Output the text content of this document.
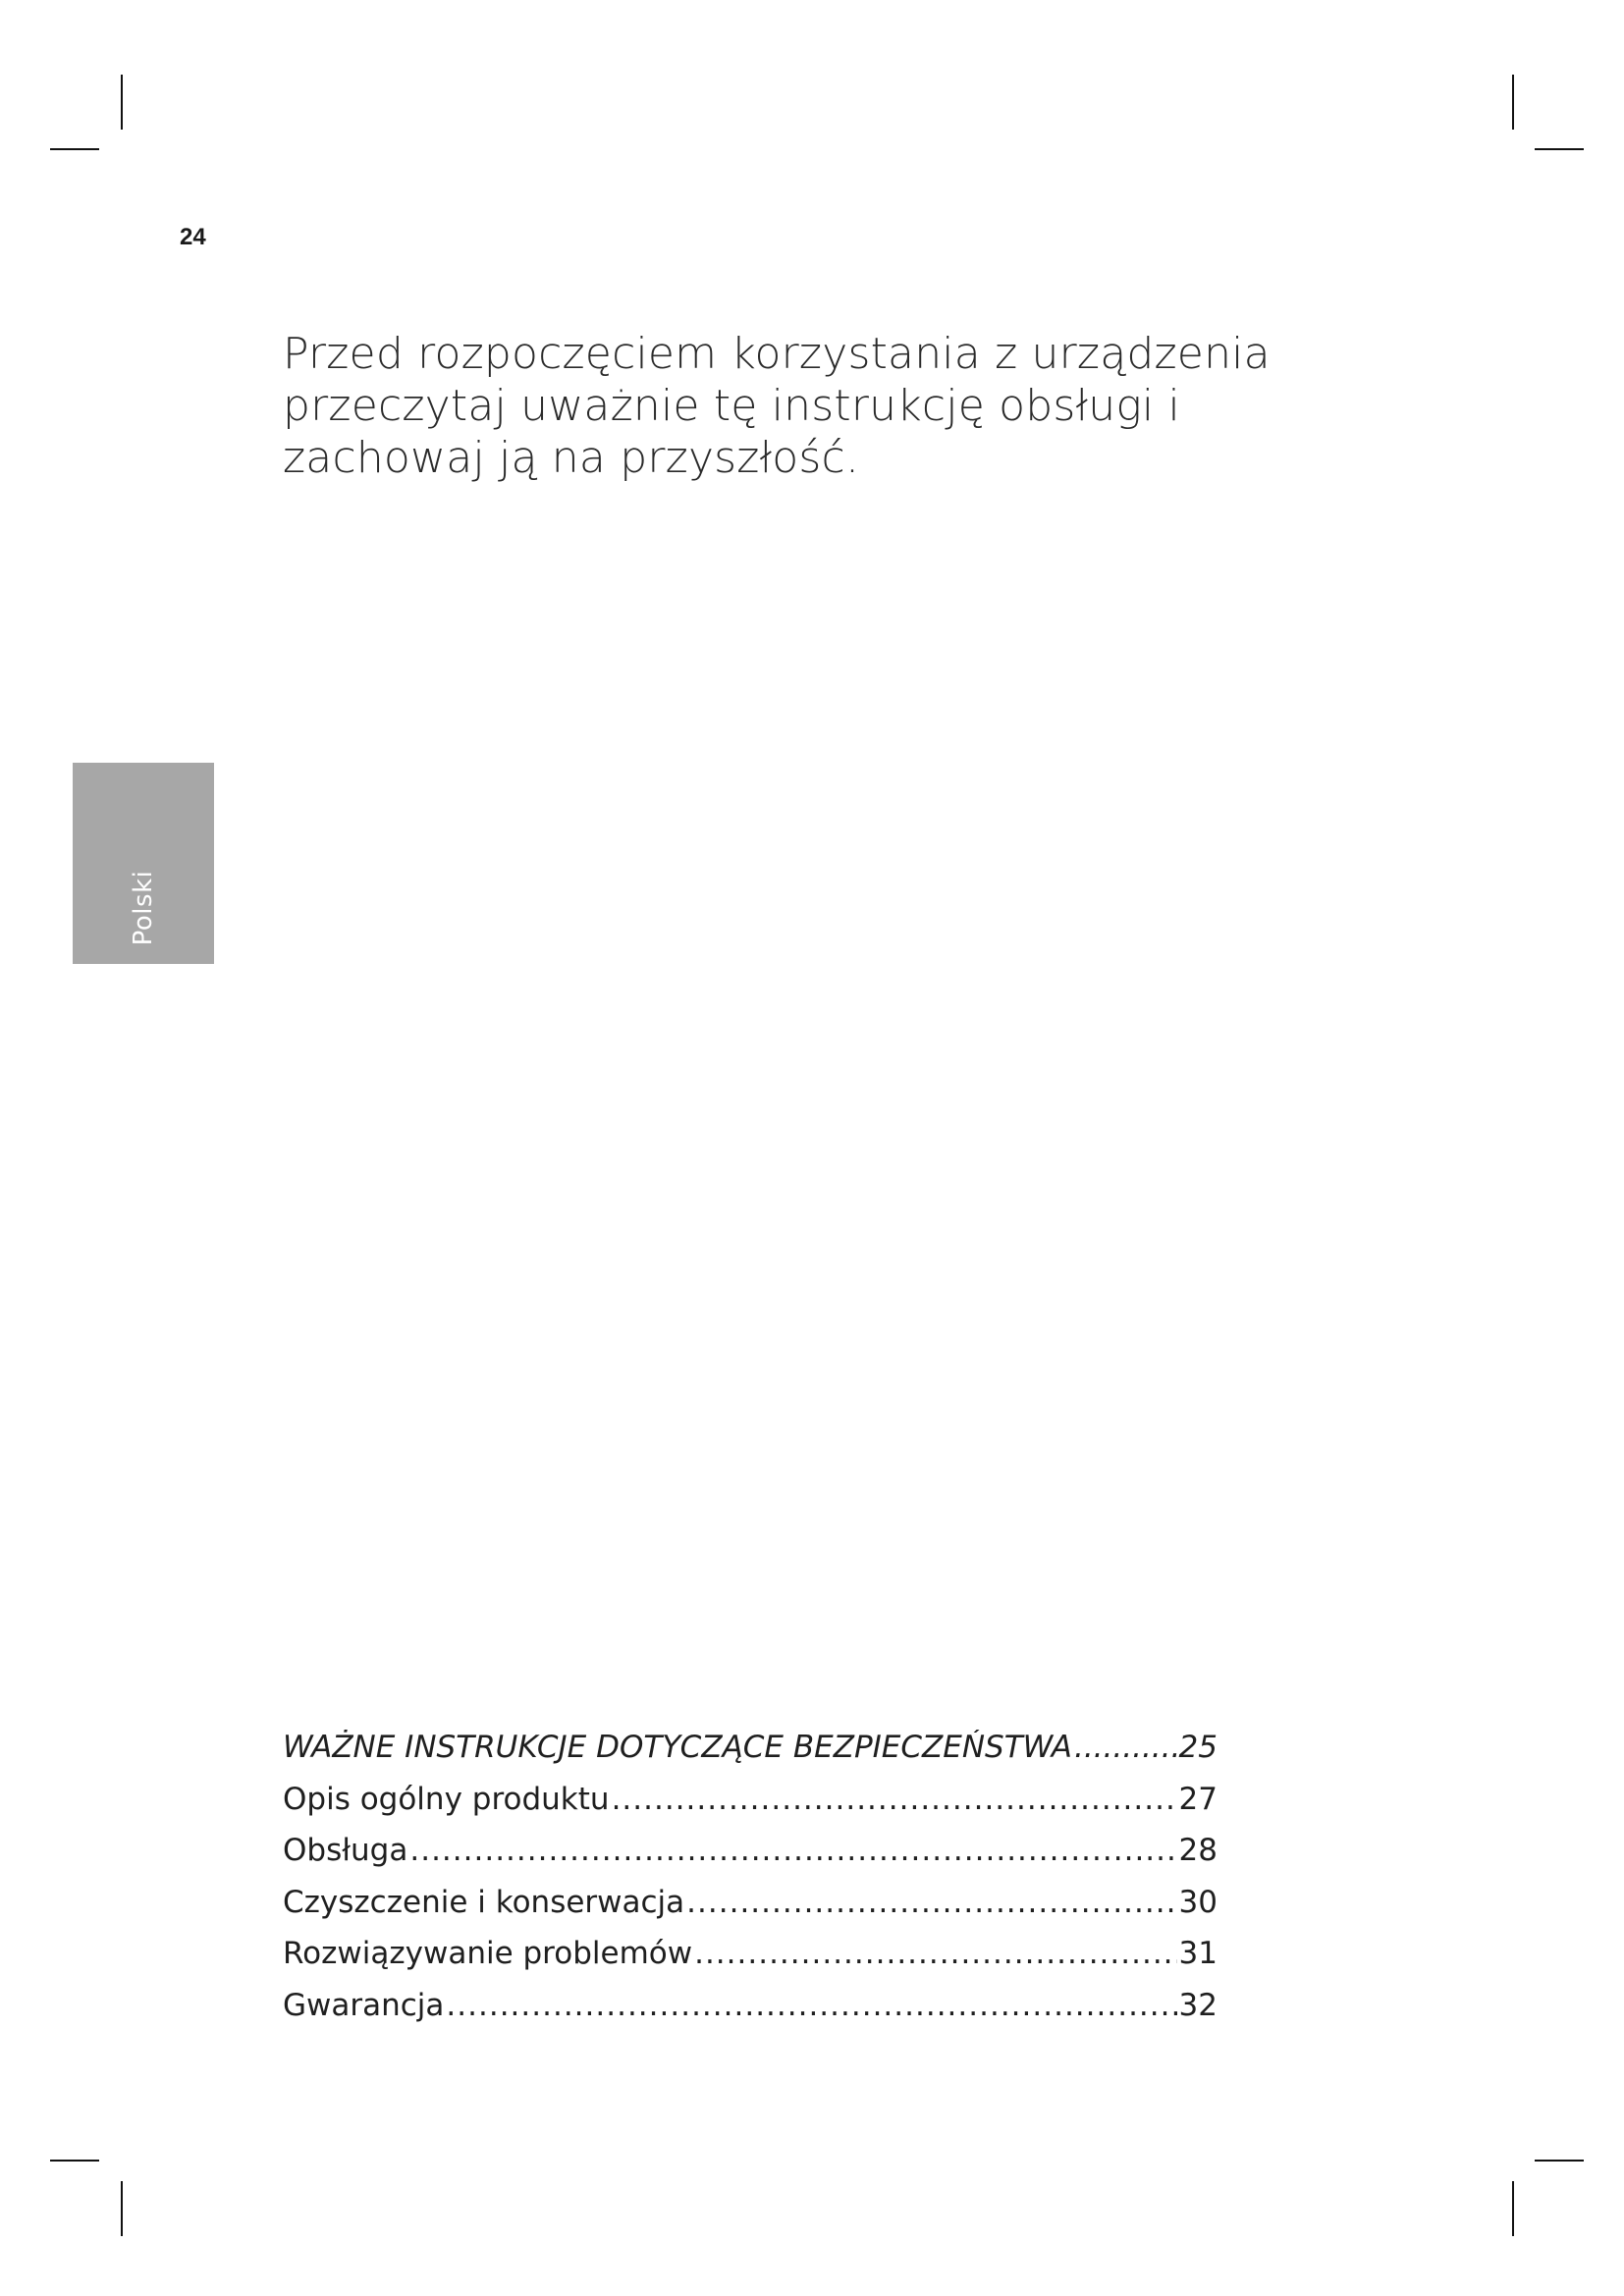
24
Przed rozpoczęciem korzystania z urządzenia
przeczytaj uważnie tę instrukcję obsługi i
zachowaj ją na przyszłość.
Polski
WAŻNE INSTRUKCJE DOTYCZĄCE BEZPIECZEŃSTWA .....	25
Opis ogólny produktu .....	27
Obsługa .....	28
Czyszczenie i konserwacja .....	30
Rozwiązywanie problemów .....	31
Gwarancja .....	32
